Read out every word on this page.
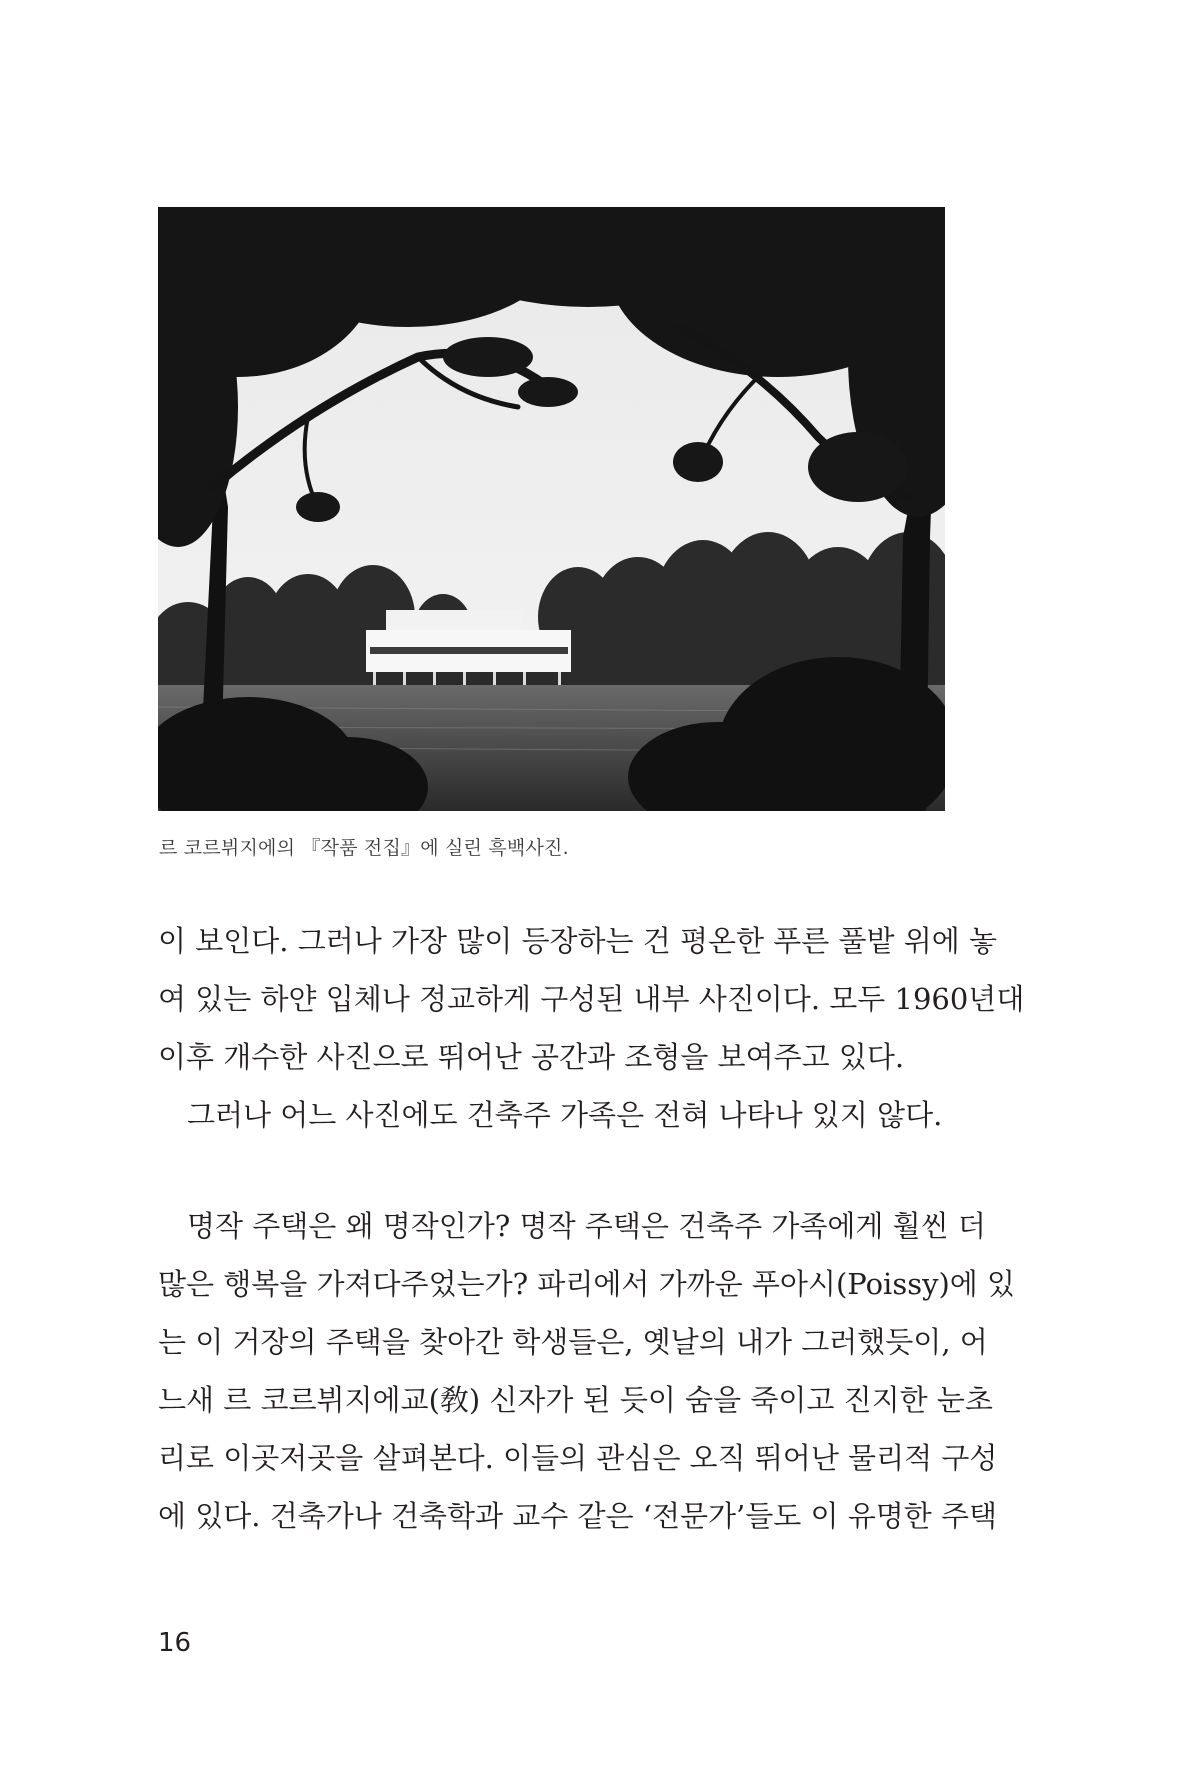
르 코르뷔지에의 『작품 전집』에 실린 흑백사진.
이 보인다. 그러나 가장 많이 등장하는 건 평온한 푸른 풀밭 위에 놓
여 있는 하얀 입체나 정교하게 구성된 내부 사진이다. 모두 1960년대
이후 개수한 사진으로 뛰어난 공간과 조형을 보여주고 있다.
그러나 어느 사진에도 건축주 가족은 전혀 나타나 있지 않다.
명작 주택은 왜 명작인가? 명작 주택은 건축주 가족에게 훨씬 더
많은 행복을 가져다주었는가? 파리에서 가까운 푸아시(Poissy)에 있
는 이 거장의 주택을 찾아간 학생들은, 옛날의 내가 그러했듯이, 어
느새 르 코르뷔지에교(敎) 신자가 된 듯이 숨을 죽이고 진지한 눈초
리로 이곳저곳을 살펴본다. 이들의 관심은 오직 뛰어난 물리적 구성
에 있다. 건축가나 건축학과 교수 같은 ‘전문가’들도 이 유명한 주택
16
